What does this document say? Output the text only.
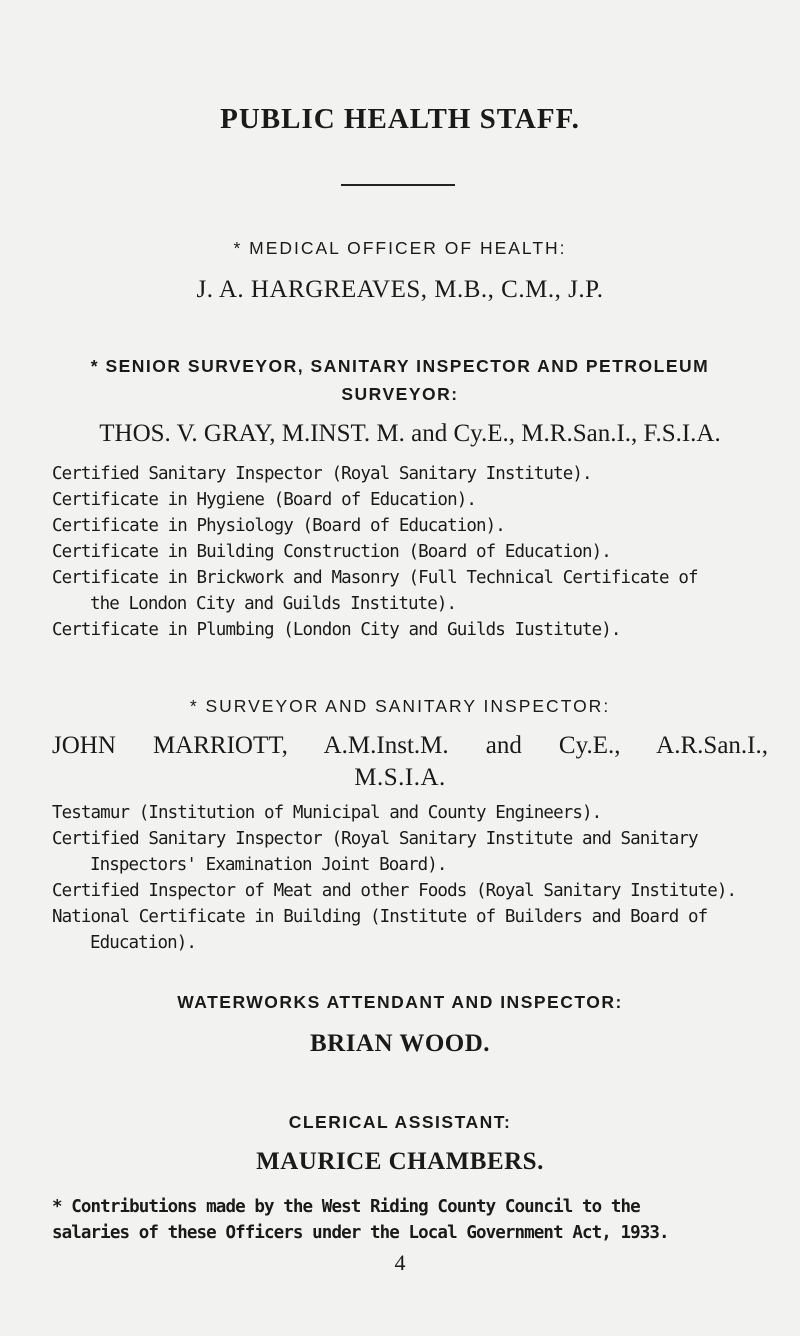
PUBLIC HEALTH STAFF.
* MEDICAL OFFICER OF HEALTH:
J. A. HARGREAVES, M.B., C.M., J.P.
* SENIOR SURVEYOR, SANITARY INSPECTOR AND PETROLEUM
SURVEYOR:
THOS. V. GRAY, M.INST. M. and Cy.E., M.R.San.I., F.S.I.A.
Certified Sanitary Inspector (Royal Sanitary Institute).
Certificate in Hygiene (Board of Education).
Certificate in Physiology (Board of Education).
Certificate in Building Construction (Board of Education).
Certificate in Brickwork and Masonry (Full Technical Certificate of
the London City and Guilds Institute).
Certificate in Plumbing (London City and Guilds Iustitute).
* SURVEYOR AND SANITARY INSPECTOR:
JOHN MARRIOTT, A.M.Inst.M. and Cy.E., A.R.San.I.,
M.S.I.A.
Testamur (Institution of Municipal and County Engineers).
Certified Sanitary Inspector (Royal Sanitary Institute and Sanitary
Inspectors' Examination Joint Board).
Certified Inspector of Meat and other Foods (Royal Sanitary Institute).
National Certificate in Building (Institute of Builders and Board of
Education).
WATERWORKS ATTENDANT AND INSPECTOR:
BRIAN WOOD.
CLERICAL ASSISTANT:
MAURICE CHAMBERS.
* Contributions made by the West Riding County Council to the
salaries of these Officers under the Local Government Act, 1933.
4
